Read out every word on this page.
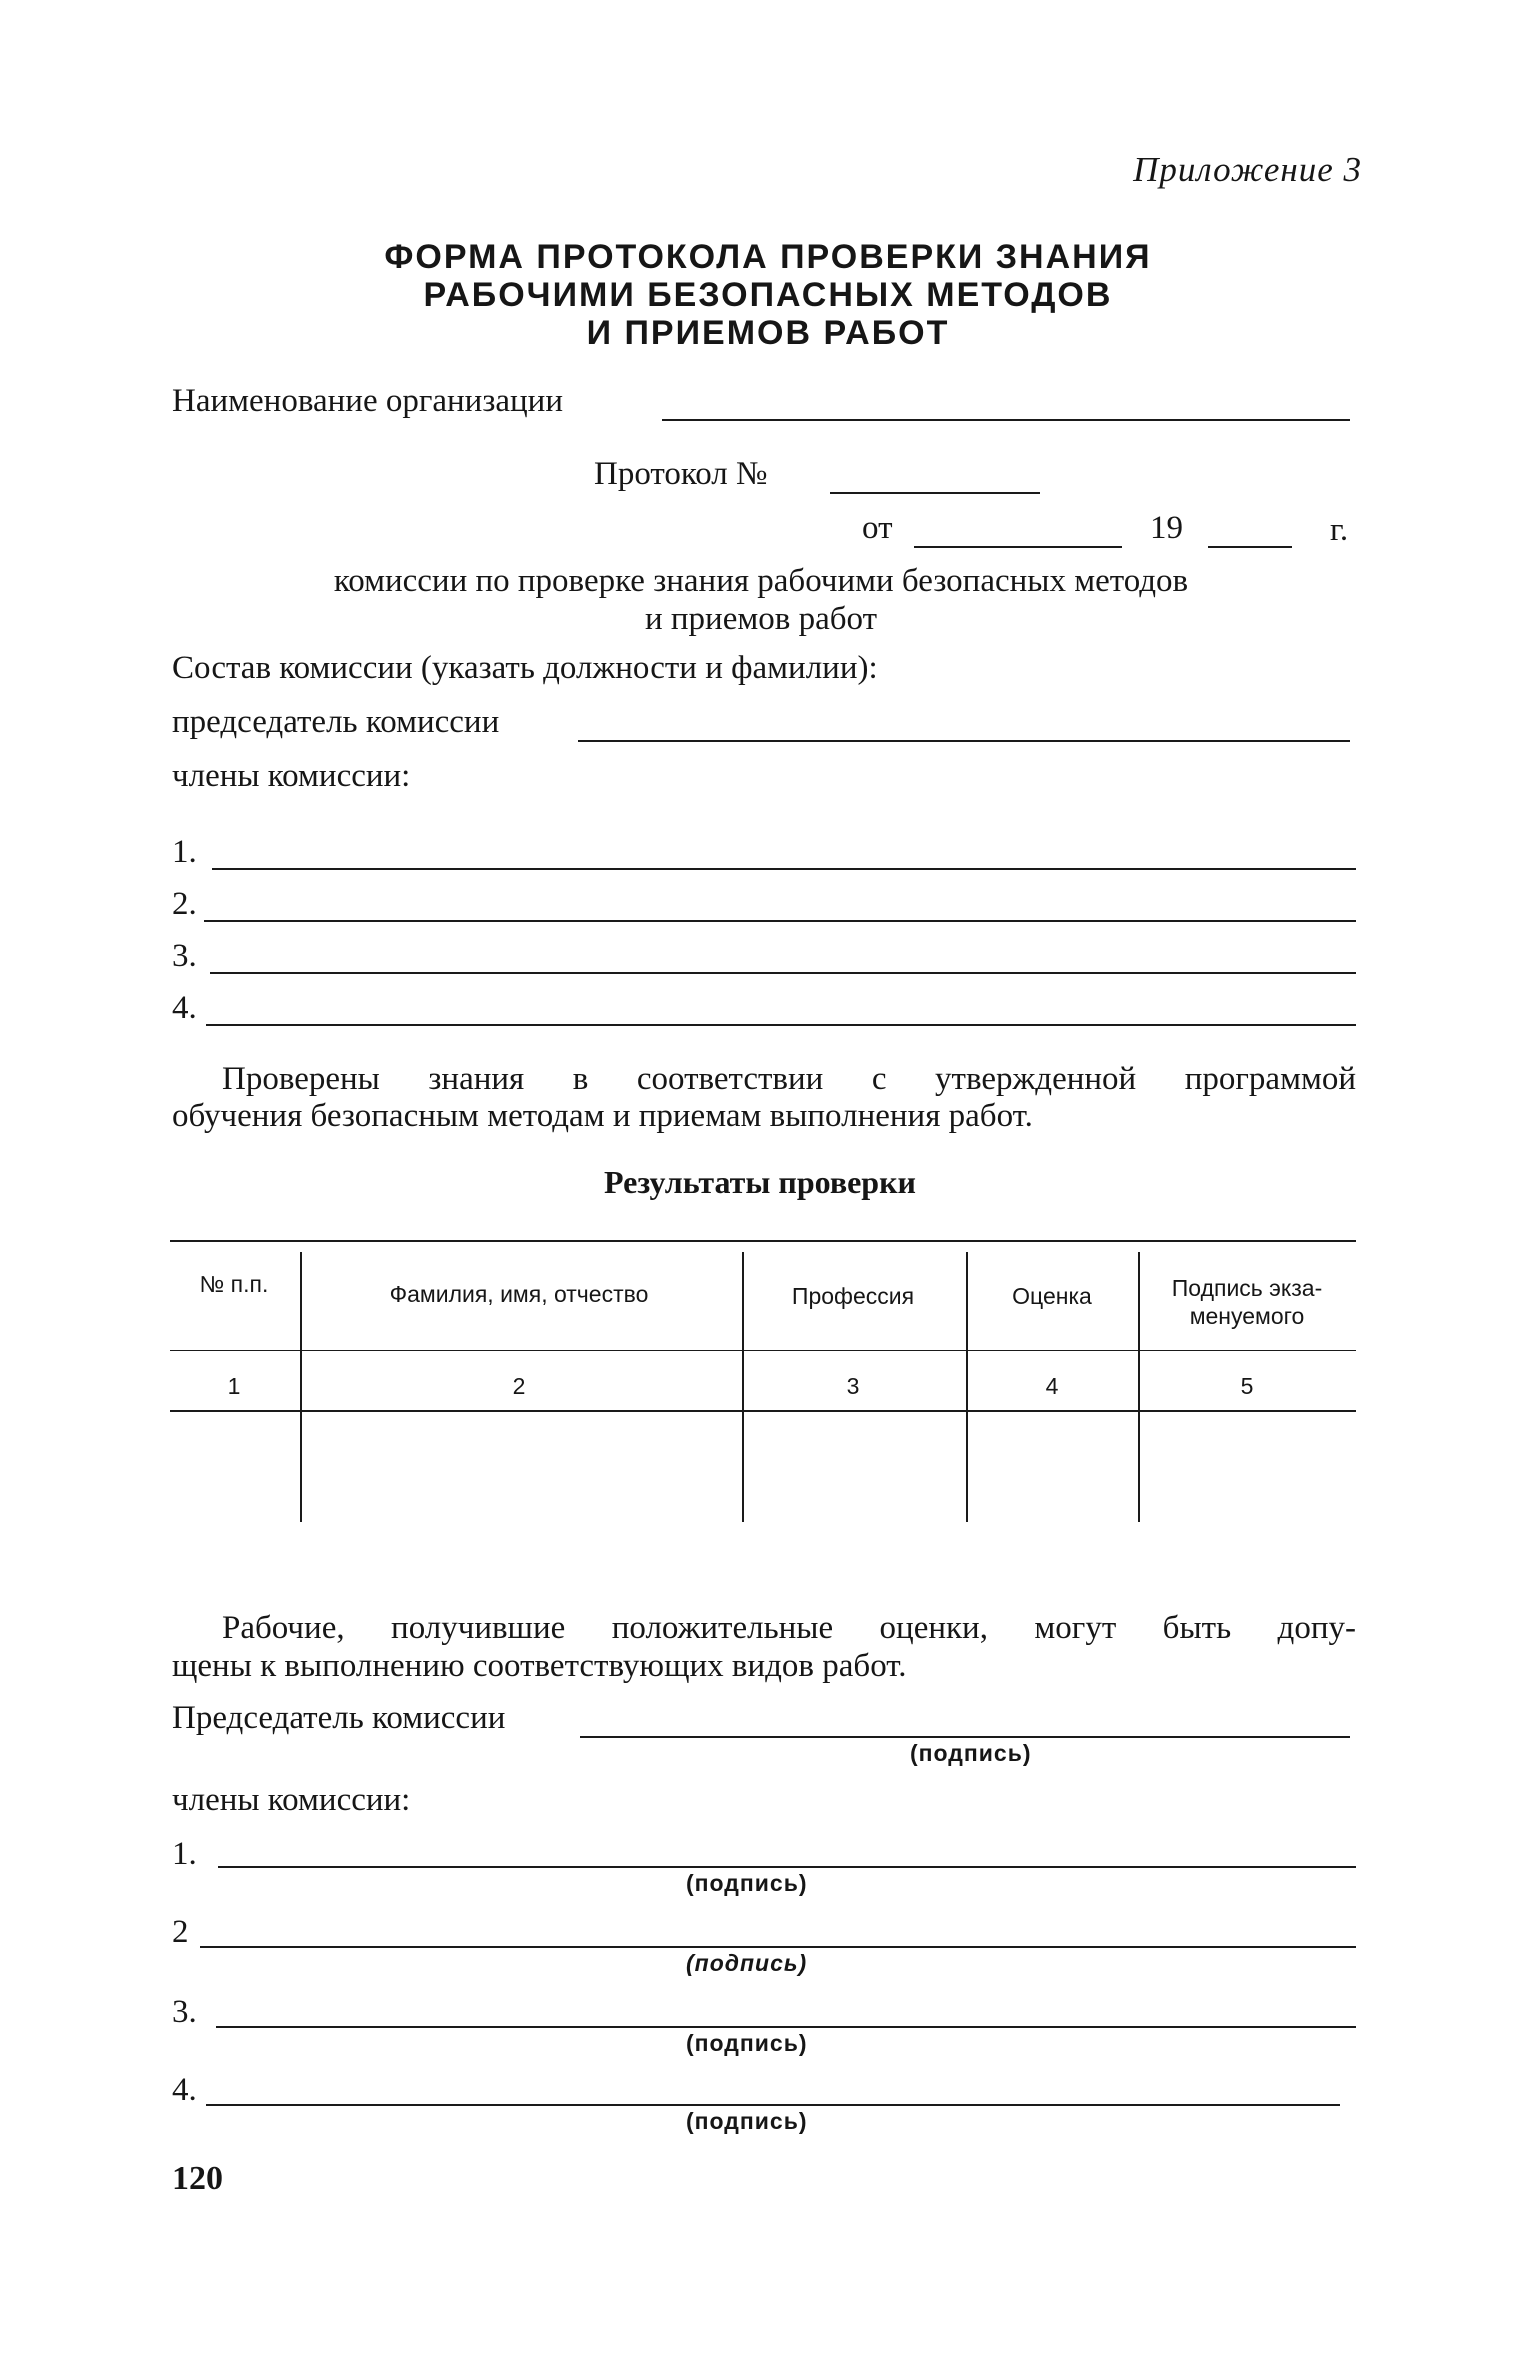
Приложение 3
ФОРМА ПРОТОКОЛА ПРОВЕРКИ ЗНАНИЯ
РАБОЧИМИ БЕЗОПАСНЫХ МЕТОДОВ
И ПРИЕМОВ РАБОТ
Наименование организации
Протокол №
от	19	г.
комиссии по проверке знания рабочими безопасных методов
и приемов работ
Состав комиссии (указать должности и фамилии):
председатель комиссии
члены комиссии:
1.
2.
3.
4.
Проверены знания в соответствии с утвержденной программой
обучения безопасным методам и приемам выполнения работ.
Результаты проверки
№ п.п.	Фамилия, имя, отчество	Профессия	Оценка	Подпись экза-менуемого
1	2	3	4	5
Рабочие, получившие положительные оценки, могут быть допу-
щены к выполнению соответствующих видов работ.
Председатель комиссии
(подпись)
члены комиссии:
1.
(подпись)
2
(подпись)
3.
(подпись)
4.
(подпись)
120
